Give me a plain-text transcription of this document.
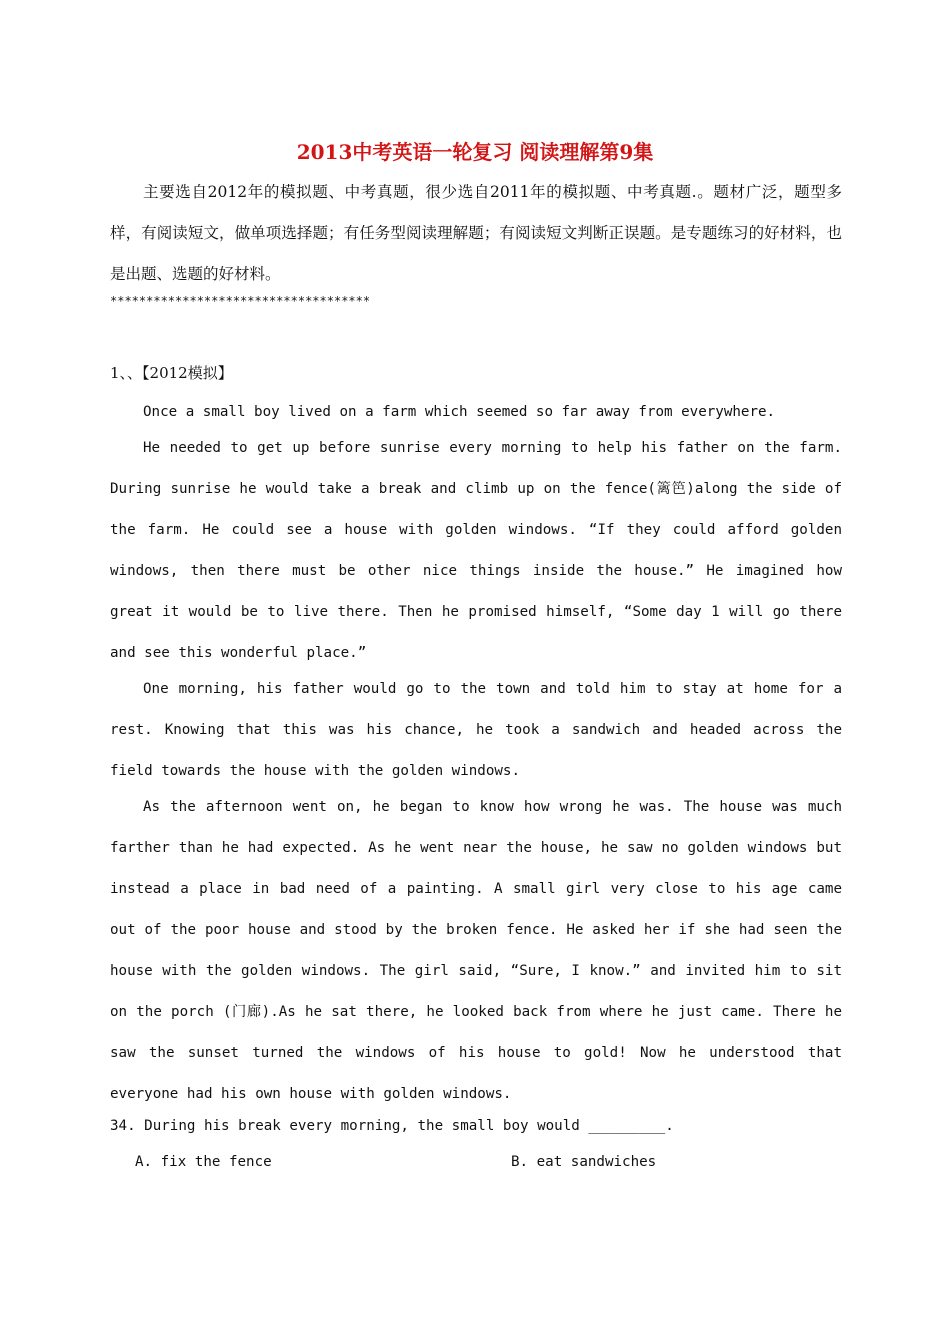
2013中考英语一轮复习 阅读理解第9集
主要选自2012年的模拟题、中考真题，很少选自2011年的模拟题、中考真题.。题材广泛，题型多样，有阅读短文，做单项选择题；有任务型阅读理解题；有阅读短文判断正误题。是专题练习的好材料，也是出题、选题的好材料。
************************************
1、、【2012模拟】

Once a small boy lived on a farm which seemed so far away from everywhere.

He needed to get up before sunrise every morning to help his father on the farm. During sunrise he would take a break and climb up on the fence(篱笆)along the side of the farm. He could see a house with golden windows. “If they could afford golden windows, then there must be other nice things inside the house.” He imagined how great it would be to live there. Then he promised himself, “Some day 1 will go there and see this wonderful place.”

One morning, his father would go to the town and told him to stay at home for a rest. Knowing that this was his chance, he took a sandwich and headed across the field towards the house with the golden windows.

As the afternoon went on, he began to know how wrong he was. The house was much farther than he had expected. As he went near the house, he saw no golden windows but instead a place in bad need of a painting. A small girl very close to his age came out of the poor house and stood by the broken fence. He asked her if she had seen the house with the golden windows. The girl said, “Sure, I know.” and invited him to sit on the porch (门廊).As he sat there, he looked back from where he just came. There he saw the sunset turned the windows of his house to gold! Now he understood that everyone had his own house with golden windows.

34. During his break every morning, the small boy would _________.
A. fix the fence	B. eat sandwiches
